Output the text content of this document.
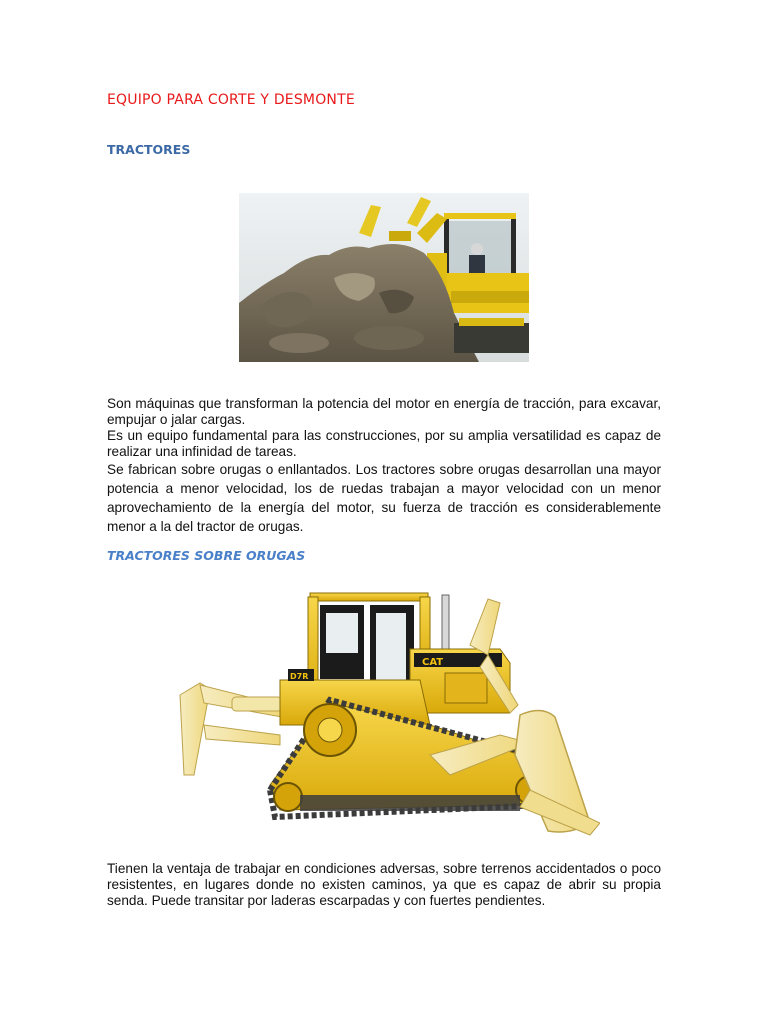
EQUIPO PARA CORTE Y DESMONTE
TRACTORES

Son máquinas que transforman la potencia del motor en energía de tracción, para excavar, empujar o jalar cargas.

Es un equipo fundamental para las construcciones, por su amplia versatilidad es capaz de realizar una infinidad de tareas.

Se fabrican sobre orugas o enllantados. Los tractores sobre orugas desarrollan una mayor potencia a menor velocidad, los de ruedas trabajan a mayor velocidad con un menor aprovechamiento de la energía del motor, su fuerza de tracción es considerablemente menor a la del tractor de orugas.

TRACTORES SOBRE ORUGAS
CAT
D7R

Tienen la ventaja de trabajar en condiciones adversas, sobre terrenos accidentados o poco resistentes, en lugares donde no existen caminos, ya que es capaz de abrir su propia senda. Puede transitar por laderas escarpadas y con fuertes pendientes.
